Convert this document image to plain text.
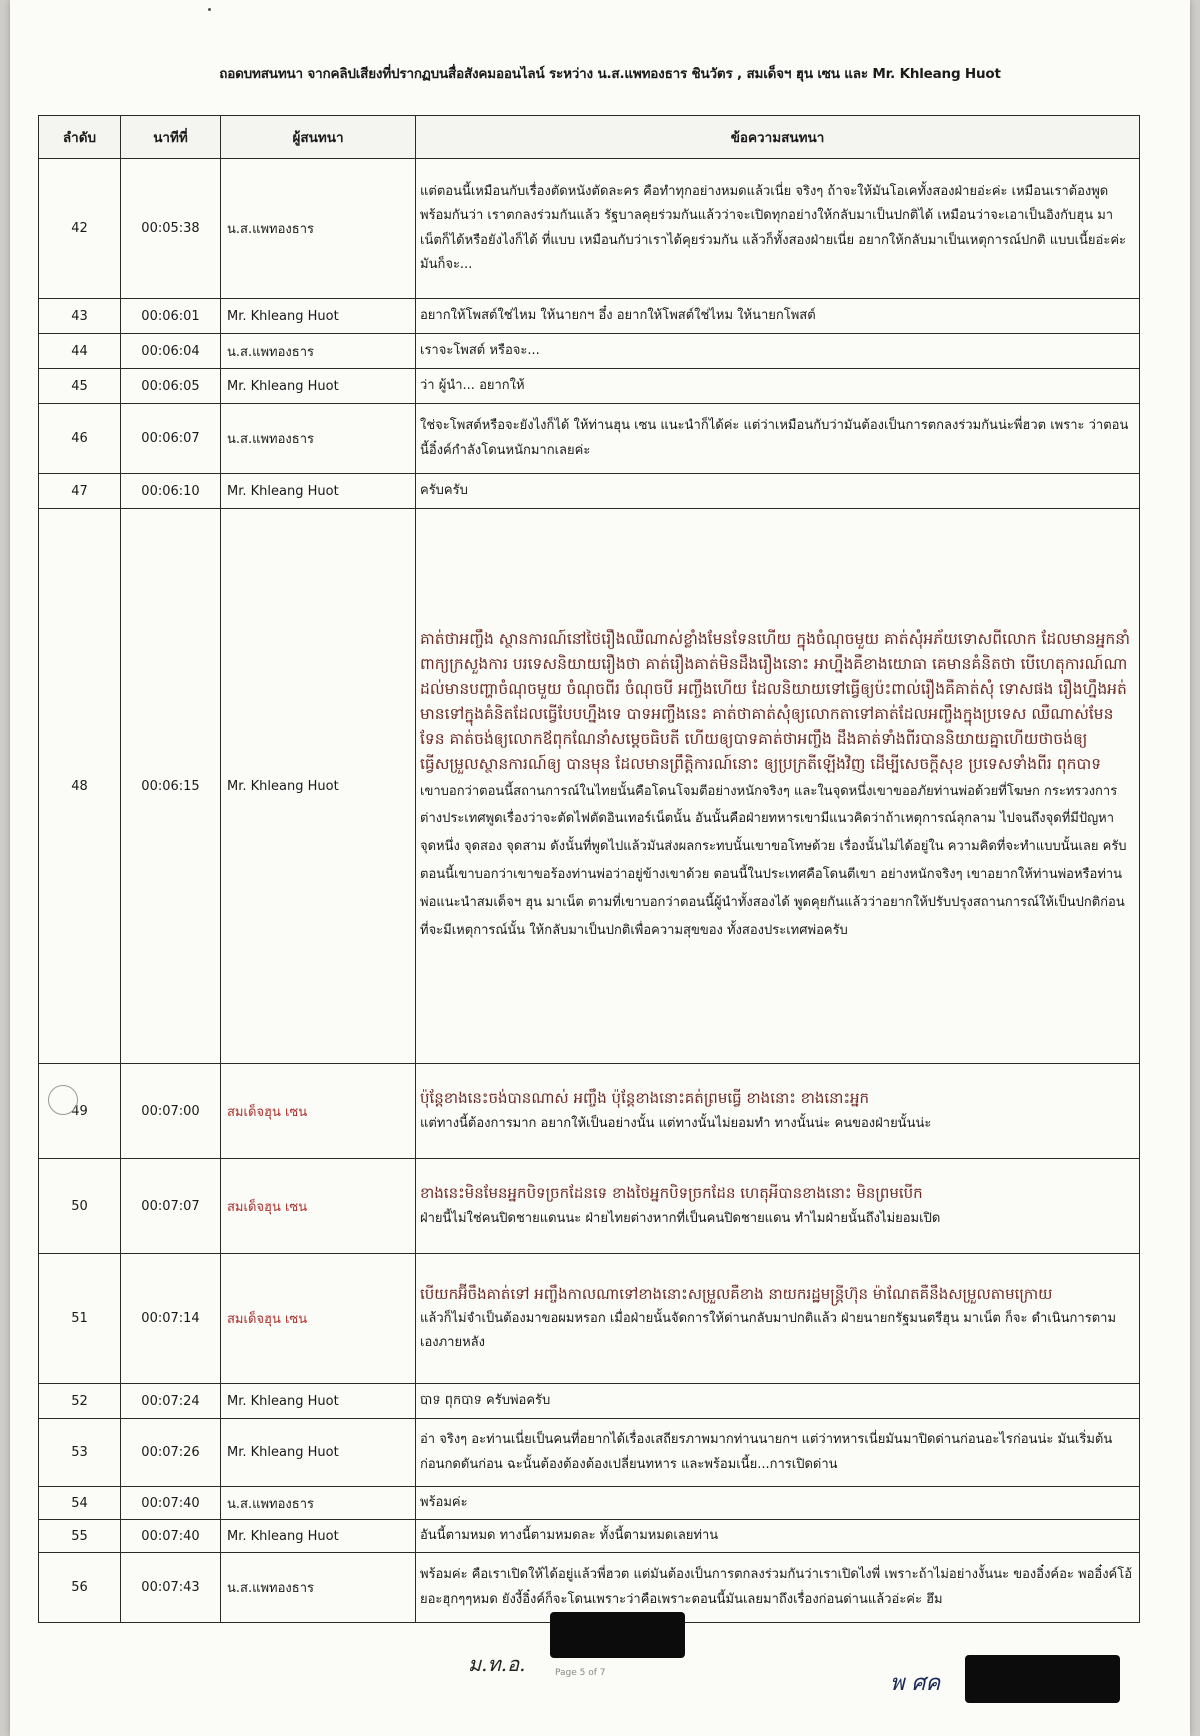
ถอดบทสนทนา จากคลิปเสียงที่ปรากฏบนสื่อสังคมออนไลน์ ระหว่าง น.ส.แพทองธาร ชินวัตร , สมเด็จฯ ฮุน เซน และ Mr. Khleang Huot
ลำดับ	นาทีที่	ผู้สนทนา	ข้อความสนทนา
42	00:05:38	น.ส.แพทองธาร	แต่ตอนนี้เหมือนกับเรื่องตัดหนังตัดละคร คือทำทุกอย่างหมดแล้วเนี่ย จริงๆ ถ้าจะให้มันโอเคทั้งสองฝ่ายอ่ะค่ะ เหมือนเราต้องพูดพร้อมกันว่า เราตกลงร่วมกันแล้ว รัฐบาลคุยร่วมกันแล้วว่าจะเปิดทุกอย่างให้กลับมาเป็นปกติได้ เหมือนว่าจะเอาเป็นอิงกับฮุน มาเน็ตก็ได้หรือยังไงก็ได้ ที่แบบ เหมือนกับว่าเราได้คุยร่วมกัน แล้วก็ทั้งสองฝ่ายเนี่ย อยากให้กลับมาเป็นเหตุการณ์ปกติ แบบเนี้ยอ่ะค่ะ มันก็จะ...
43	00:06:01	Mr. Khleang Huot	อยากให้โพสต์ใช่ไหม ให้นายกฯ อึ๋ง อยากให้โพสต์ใช่ไหม ให้นายกโพสต์
44	00:06:04	น.ส.แพทองธาร	เราจะโพสต์ หรือจะ...
45	00:06:05	Mr. Khleang Huot	ว่า ผู้นำ... อยากให้
46	00:06:07	น.ส.แพทองธาร	ใช่จะโพสต์หรือจะยังไงก็ได้ ให้ท่านฮุน เซน แนะนำก็ได้ค่ะ แต่ว่าเหมือนกับว่ามันต้องเป็นการตกลงร่วมกันน่ะพี่ฮวต เพราะ ว่าตอนนี้อิ๋งค์กำลังโดนหนักมากเลยค่ะ
47	00:06:10	Mr. Khleang Huot	ครับครับ
48	00:06:15	Mr. Khleang Huot	គាត់ថាអញ្ចឹង ស្ថានការណ៍នៅថៃរឿងឈឺណាស់ខ្លាំងមែនទែនហើយ ក្នុងចំណុចមួយ គាត់សុំអភ័យទោសពីលោក ដែលមានអ្នកនាំពាក្យក្រសួងការ បរទេសនិយាយរឿងថា គាត់រឿងគាត់មិនដឹងរឿងនោះ អាហ្នឹងគឺខាងយោធា គេមានគំនិតថា បើហេតុការណ៍ណាដល់មានបញ្ហាចំណុចមួយ ចំណុចពីរ ចំណុចបី អញ្ចឹងហើយ ដែលនិយាយទៅធ្វើឲ្យប៉ះពាល់រឿងគឺគាត់សុំ ទោសផង រឿងហ្នឹងអត់មានទៅក្នុងគំនិតដែលធ្វើបែបហ្នឹងទេ បាទអញ្ចឹងនេះ គាត់ថាគាត់សុំឲ្យលោកតាទៅគាត់ដែលអញ្ចឹងក្នុងប្រទេស ឈឺណាស់មែន ទែន គាត់ចង់ឲ្យលោកឪពុកណែនាំសម្ដេចធិបតី ហើយឲ្យបាទគាត់ថាអញ្ចឹង ដឹងគាត់ទាំងពីរបាននិយាយគ្នាហើយថាចង់ឲ្យធ្វើសម្រួលស្ថានការណ៍ឲ្យ បានមុន ដែលមានព្រឹត្តិការណ៍នោះ ឲ្យប្រក្រតីឡើងវិញ ដើម្បីសេចក្ដីសុខ ប្រទេសទាំងពីរ ពុកបាទ
เขาบอกว่าตอนนี้สถานการณ์ในไทยนั้นคือโดนโจมตีอย่างหนักจริงๆ และในจุดหนึ่งเขาขออภัยท่านพ่อด้วยที่โฆษก กระทรวงการต่างประเทศพูดเรื่องว่าจะตัดไฟตัดอินเทอร์เน็ตนั้น อันนั้นคือฝ่ายทหารเขามีแนวคิดว่าถ้าเหตุการณ์ลุกลาม ไปจนถึงจุดที่มีปัญหา จุดหนึ่ง จุดสอง จุดสาม ดังนั้นที่พูดไปแล้วมันส่งผลกระทบนั้นเขาขอโทษด้วย เรื่องนั้นไม่ได้อยู่ใน ความคิดที่จะทำแบบนั้นเลย ครับ ตอนนี้เขาบอกว่าเขาขอร้องท่านพ่อว่าอยู่ข้างเขาด้วย ตอนนี้ในประเทศคือโดนตีเขา อย่างหนักจริงๆ เขาอยากให้ท่านพ่อหรือท่านพ่อแนะนำสมเด็จฯ ฮุน มาเน็ต ตามที่เขาบอกว่าตอนนี้ผู้นำทั้งสองได้ พูดคุยกันแล้วว่าอยากให้ปรับปรุงสถานการณ์ให้เป็นปกติก่อน ที่จะมีเหตุการณ์นั้น ให้กลับมาเป็นปกติเพื่อความสุขของ ทั้งสองประเทศพ่อครับ

49	00:07:00	สมเด็จฮุน เซน	ប៉ុន្តែខាងនេះចង់បានណាស់ អញ្ចឹង ប៉ុន្តែខាងនោះគត់ព្រមធ្វើ ខាងនោះ ខាងនោះអ្នក
แต่ทางนี้ต้องการมาก อยากให้เป็นอย่างนั้น แต่ทางนั้นไม่ยอมทำ ทางนั้นน่ะ คนของฝ่ายนั้นน่ะ

50	00:07:07	สมเด็จฮุน เซน	ខាងនេះមិនមែនអ្នកបិទច្រកដែនទេ ខាងថៃអ្នកបិទច្រកដែន ហេតុអីបានខាងនោះ មិនព្រមបើក
ฝ่ายนี้ไม่ใช่คนปิดชายแดนนะ ฝ่ายไทยต่างหากที่เป็นคนปิดชายแดน ทำไมฝ่ายนั้นถึงไม่ยอมเปิด

51	00:07:14	สมเด็จฮุน เซน	បើយកអ៊ីចឹងគាត់ទៅ អញ្ចឹងកាលណាទៅខាងនោះសម្រួលគឺខាង នាយករដ្ឋមន្ត្រីហ៊ុន ម៉ាណែតគឺនឹងសម្រួលតាមក្រោយ
แล้วก็ไม่จำเป็นต้องมาขอผมหรอก เมื่อฝ่ายนั้นจัดการให้ด่านกลับมาปกติแล้ว ฝ่ายนายกรัฐมนตรีฮุน มาเน็ต ก็จะ ดำเนินการตามเองภายหลัง

52	00:07:24	Mr. Khleang Huot	បាទ ពុកបាទ ครับพ่อครับ
53	00:07:26	Mr. Khleang Huot	อ่า จริงๆ อะท่านเนี่ยเป็นคนที่อยากได้เรื่องเสถียรภาพมากท่านนายกฯ แต่ว่าทหารเนี่ยมันมาปิดด่านก่อนอะไรก่อนน่ะ มันเริ่มต้นก่อนกดดันก่อน ฉะนั้นต้องต้องต้องเปลี่ยนทหาร และพร้อมเนี้ย...การเปิดด่าน
54	00:07:40	น.ส.แพทองธาร	พร้อมค่ะ
55	00:07:40	Mr. Khleang Huot	อันนี้ตามหมด ทางนี้ตามหมดละ ทั้งนี้ตามหมดเลยท่าน
56	00:07:43	น.ส.แพทองธาร	พร้อมค่ะ คือเราเปิดให้ได้อยู่แล้วพี่ฮวต แต่มันต้องเป็นการตกลงร่วมกันว่าเราเปิดไงพี่ เพราะถ้าไม่อย่างงั้นนะ ของอิ๋งค์อะ พออิ๋งค์โอ้ยอะฮุกๆๆหมด ยังงี้อิ๋งค์ก็จะโดนเพราะว่าคือเพราะตอนนี้มันเลยมาถึงเรื่องก่อนด่านแล้วอ่ะค่ะ ฮึม
ม.ท.อ.	Page 5 of 7	พ ศค
